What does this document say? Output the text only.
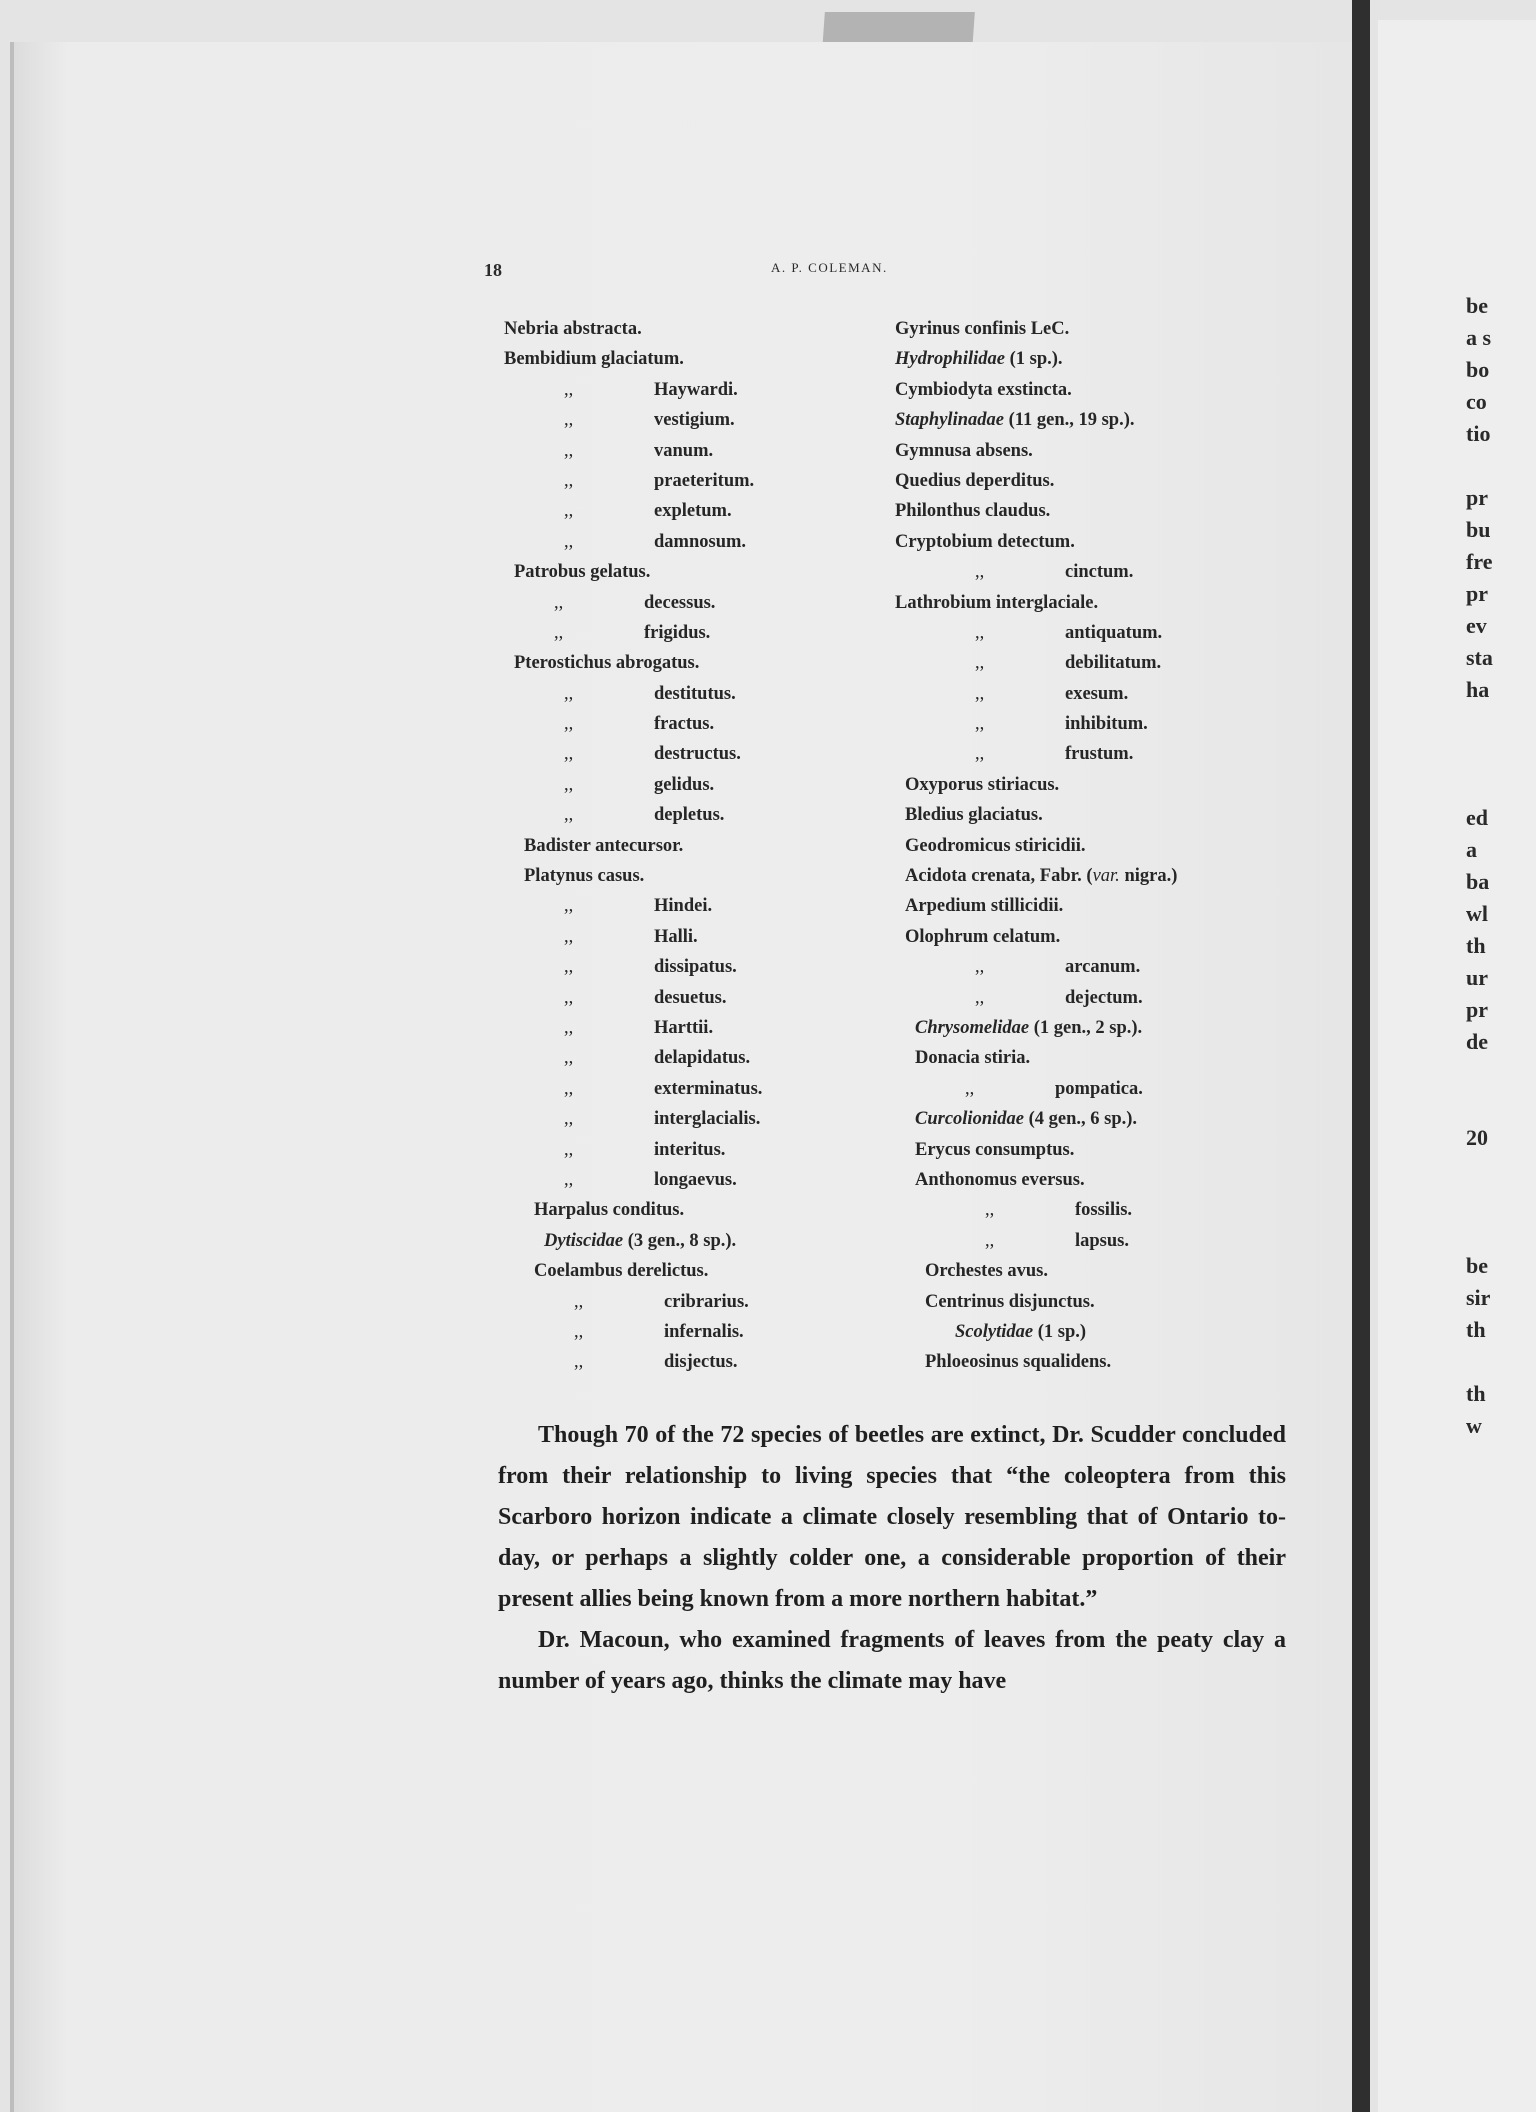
18	A. P. COLEMAN.
Nebria abstracta.
Bembidium glaciatum.
,,	Haywardi.
,,	vestigium.
,,	vanum.
,,	praeteritum.
,,	expletum.
,,	damnosum.
Patrobus gelatus.
,,	decessus.
,,	frigidus.
Pterostichus abrogatus.
,,	destitutus.
,,	fractus.
,,	destructus.
,,	gelidus.
,,	depletus.
Badister antecursor.
Platynus casus.
,,	Hindei.
,,	Halli.
,,	dissipatus.
,,	desuetus.
,,	Harttii.
,,	delapidatus.
,,	exterminatus.
,,	interglacialis.
,,	interitus.
,,	longaevus.
Harpalus conditus.
Dytiscidae (3 gen., 8 sp.).
Coelambus derelictus.
,,	cribrarius.
,,	infernalis.
,,	disjectus.
Gyrinus confinis LeC.
Hydrophilidae (1 sp.).
Cymbiodyta exstincta.
Staphylinadae (11 gen., 19 sp.).
Gymnusa absens.
Quedius deperditus.
Philonthus claudus.
Cryptobium detectum.
,,	cinctum.
Lathrobium interglaciale.
,,	antiquatum.
,,	debilitatum.
,,	exesum.
,,	inhibitum.
,,	frustum.
Oxyporus stiriacus.
Bledius glaciatus.
Geodromicus stiricidii.
Acidota crenata, Fabr. (var. nigra.)
Arpedium stillicidii.
Olophrum celatum.
,,	arcanum.
,,	dejectum.
Chrysomelidae (1 gen., 2 sp.).
Donacia stiria.
,,	pompatica.
Curcolionidae (4 gen., 6 sp.).
Erycus consumptus.
Anthonomus eversus.
,,	fossilis.
,,	lapsus.
Orchestes avus.
Centrinus disjunctus.
Scolytidae (1 sp.)
Phloeosinus squalidens.

Though 70 of the 72 species of beetles are extinct, Dr. Scudder concluded from their relationship to living species that “the coleoptera from this Scarboro horizon indicate a climate closely resembling that of Ontario to-day, or perhaps a slightly colder one, a considerable proportion of their present allies being known from a more northern habitat.”

Dr. Macoun, who examined fragments of leaves from the peaty clay a number of years ago, thinks the climate may have

be
a s
bo
co
tio
pr
bu
fre
pr
ev
sta
ha
ed
a
ba
wl
th
ur
pr
de
20
be
sir
th
th
w
